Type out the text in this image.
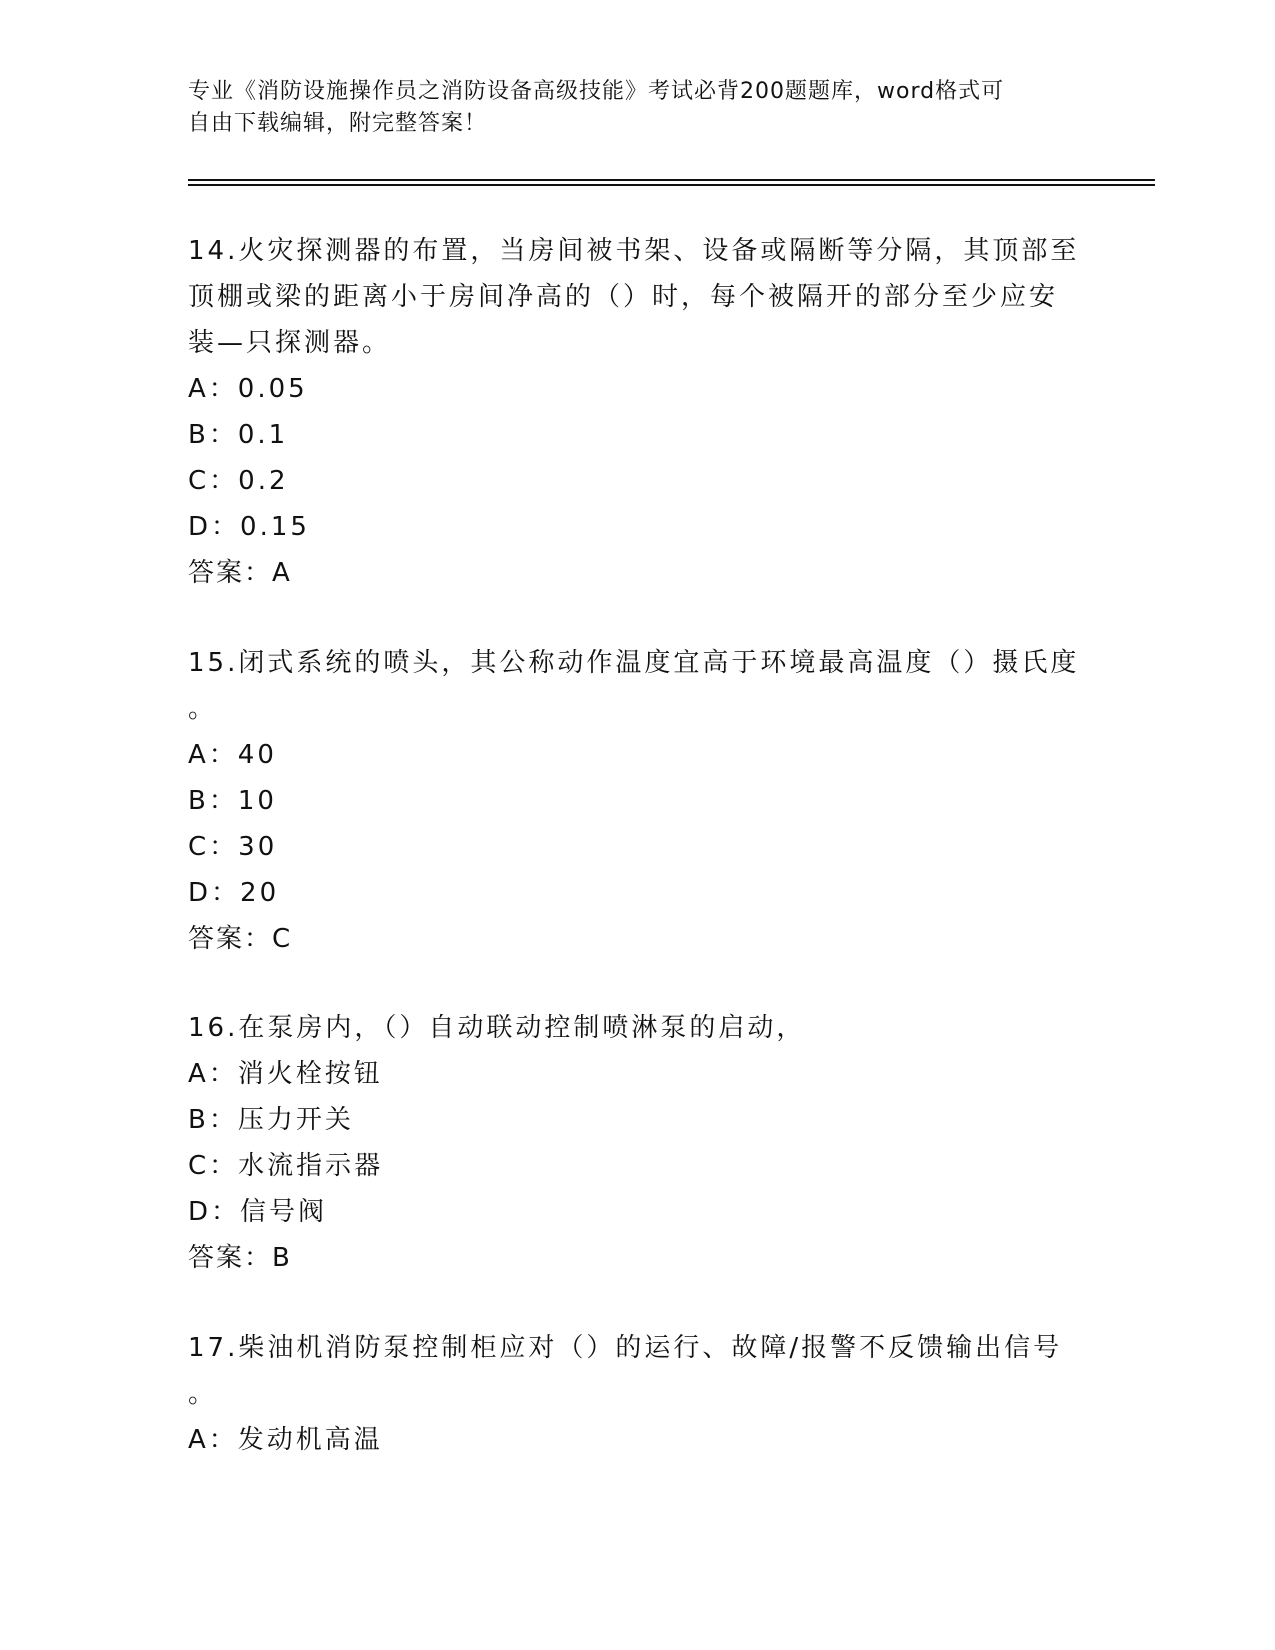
专业《消防设施操作员之消防设备高级技能》考试必背200题题库，word格式可
自由下载编辑，附完整答案！
14.火灾探测器的布置，当房间被书架、设备或隔断等分隔，其顶部至
顶棚或梁的距离小于房间净高的（）时，每个被隔开的部分至少应安
装—只探测器。
A：0.05
B：0.1
C：0.2
D：0.15
答案：A
15.闭式系统的喷头，其公称动作温度宜高于环境最高温度（）摄氏度
。
A：40
B：10
C：30
D：20
答案：C
16.在泵房内，（）自动联动控制喷淋泵的启动，
A：消火栓按钮
B：压力开关
C：水流指示器
D：信号阀
答案：B
17.柴油机消防泵控制柜应对（）的运行、故障/报警不反馈输出信号
。
A：发动机高温
